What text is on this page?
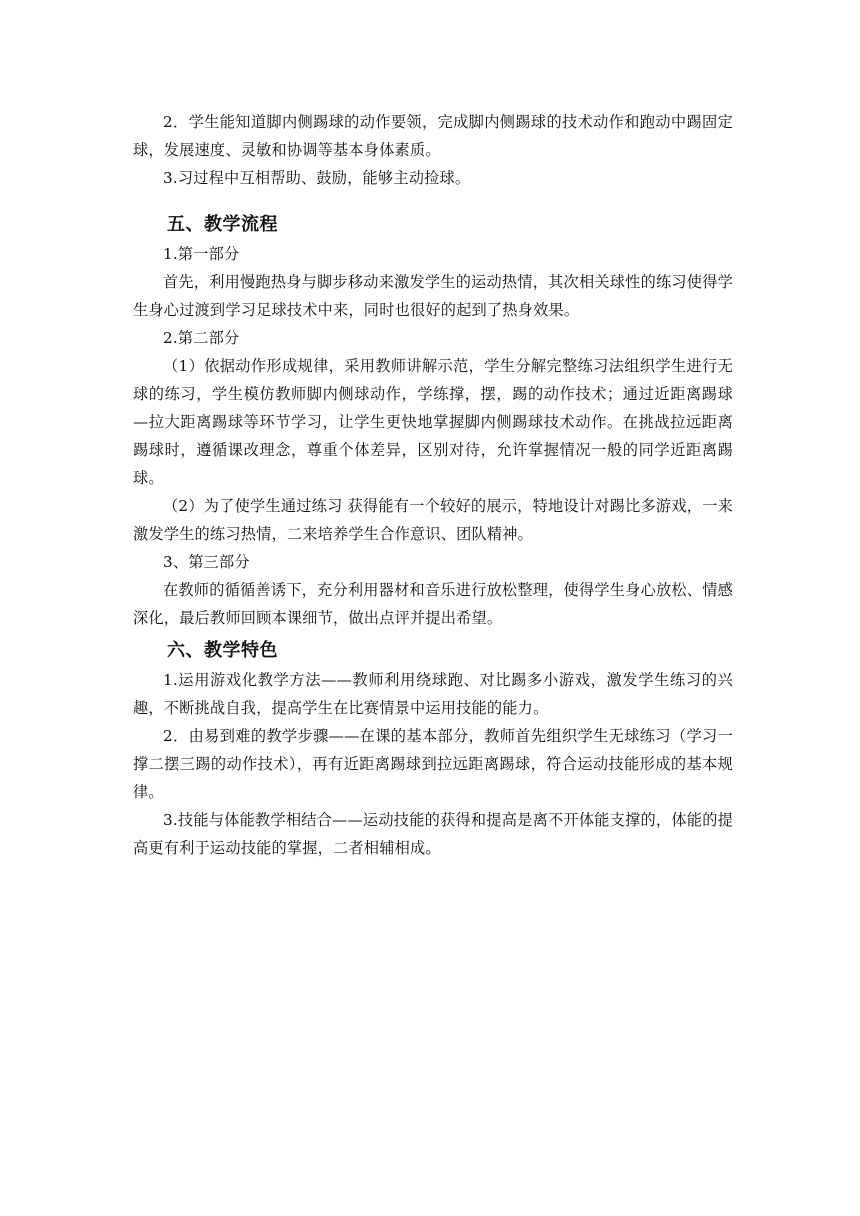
2．学生能知道脚内侧踢球的动作要领，完成脚内侧踢球的技术动作和跑动中踢固定球，发展速度、灵敏和协调等基本身体素质。

3.习过程中互相帮助、鼓励，能够主动捡球。

五、教学流程

1.第一部分

首先，利用慢跑热身与脚步移动来激发学生的运动热情，其次相关球性的练习使得学生身心过渡到学习足球技术中来，同时也很好的起到了热身效果。

2.第二部分

（1）依据动作形成规律，采用教师讲解示范，学生分解完整练习法组织学生进行无球的练习，学生模仿教师脚内侧球动作，学练撑，摆，踢的动作技术；通过近距离踢球—拉大距离踢球等环节学习，让学生更快地掌握脚内侧踢球技术动作。在挑战拉远距离踢球时，遵循课改理念，尊重个体差异，区别对待，允许掌握情况一般的同学近距离踢球。

（2）为了使学生通过练习 获得能有一个较好的展示，特地设计对踢比多游戏，一来激发学生的练习热情，二来培养学生合作意识、团队精神。

3、第三部分

在教师的循循善诱下，充分利用器材和音乐进行放松整理，使得学生身心放松、情感深化，最后教师回顾本课细节，做出点评并提出希望。

六、教学特色

1.运用游戏化教学方法——教师利用绕球跑、对比踢多小游戏，激发学生练习的兴趣，不断挑战自我，提高学生在比赛情景中运用技能的能力。

2．由易到难的教学步骤——在课的基本部分，教师首先组织学生无球练习（学习一撑二摆三踢的动作技术），再有近距离踢球到拉远距离踢球，符合运动技能形成的基本规律。

3.技能与体能教学相结合——运动技能的获得和提高是离不开体能支撑的，体能的提高更有利于运动技能的掌握，二者相辅相成。
